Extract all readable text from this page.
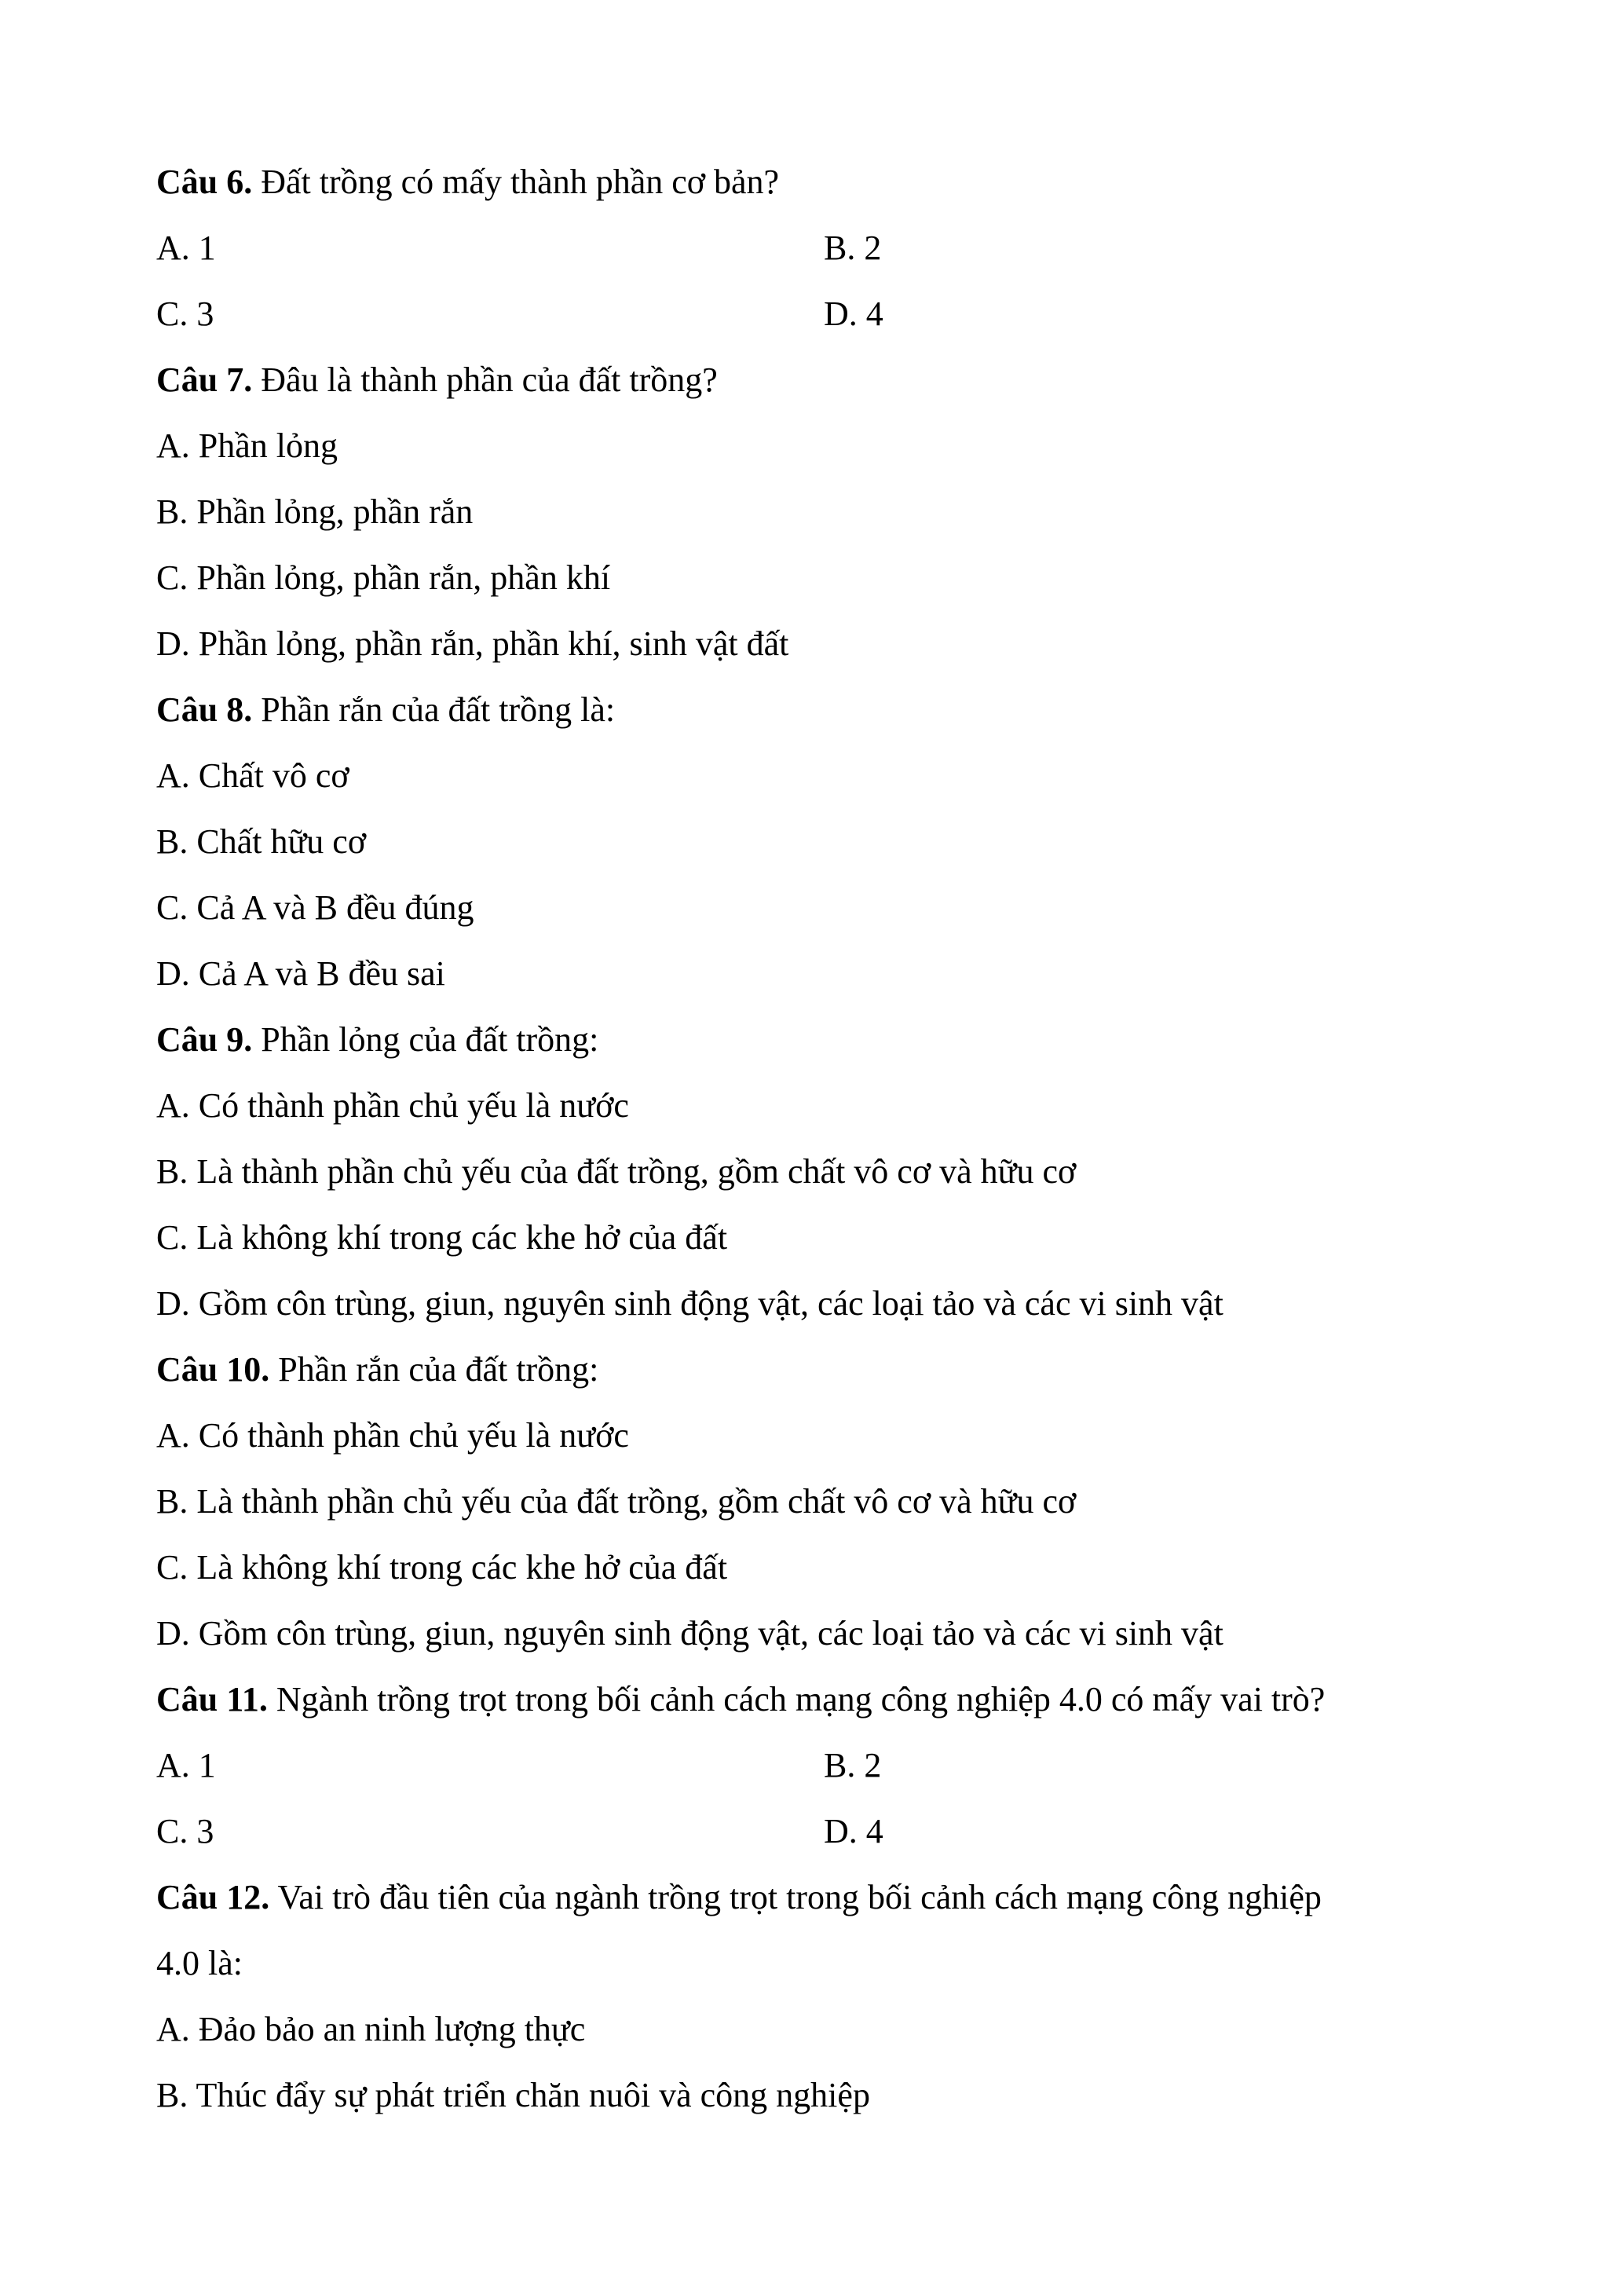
Câu 6. Đất trồng có mấy thành phần cơ bản?
A. 1	B. 2
C. 3	D. 4
Câu 7. Đâu là thành phần của đất trồng?
A. Phần lỏng
B. Phần lỏng, phần rắn
C. Phần lỏng, phần rắn, phần khí
D. Phần lỏng, phần rắn, phần khí, sinh vật đất
Câu 8. Phần rắn của đất trồng là:
A. Chất vô cơ
B. Chất hữu cơ
C. Cả A và B đều đúng
D. Cả A và B đều sai
Câu 9. Phần lỏng của đất trồng:
A. Có thành phần chủ yếu là nước
B. Là thành phần chủ yếu của đất trồng, gồm chất vô cơ và hữu cơ
C. Là không khí trong các khe hở của đất
D. Gồm côn trùng, giun, nguyên sinh động vật, các loại tảo và các vi sinh vật
Câu 10. Phần rắn của đất trồng:
A. Có thành phần chủ yếu là nước
B. Là thành phần chủ yếu của đất trồng, gồm chất vô cơ và hữu cơ
C. Là không khí trong các khe hở của đất
D. Gồm côn trùng, giun, nguyên sinh động vật, các loại tảo và các vi sinh vật
Câu 11. Ngành trồng trọt trong bối cảnh cách mạng công nghiệp 4.0 có mấy vai trò?
A. 1	B. 2
C. 3	D. 4
Câu 12. Vai trò đầu tiên của ngành trồng trọt trong bối cảnh cách mạng công nghiệp
4.0 là:
A. Đảo bảo an ninh lượng thực
B. Thúc đẩy sự phát triển chăn nuôi và công nghiệp
